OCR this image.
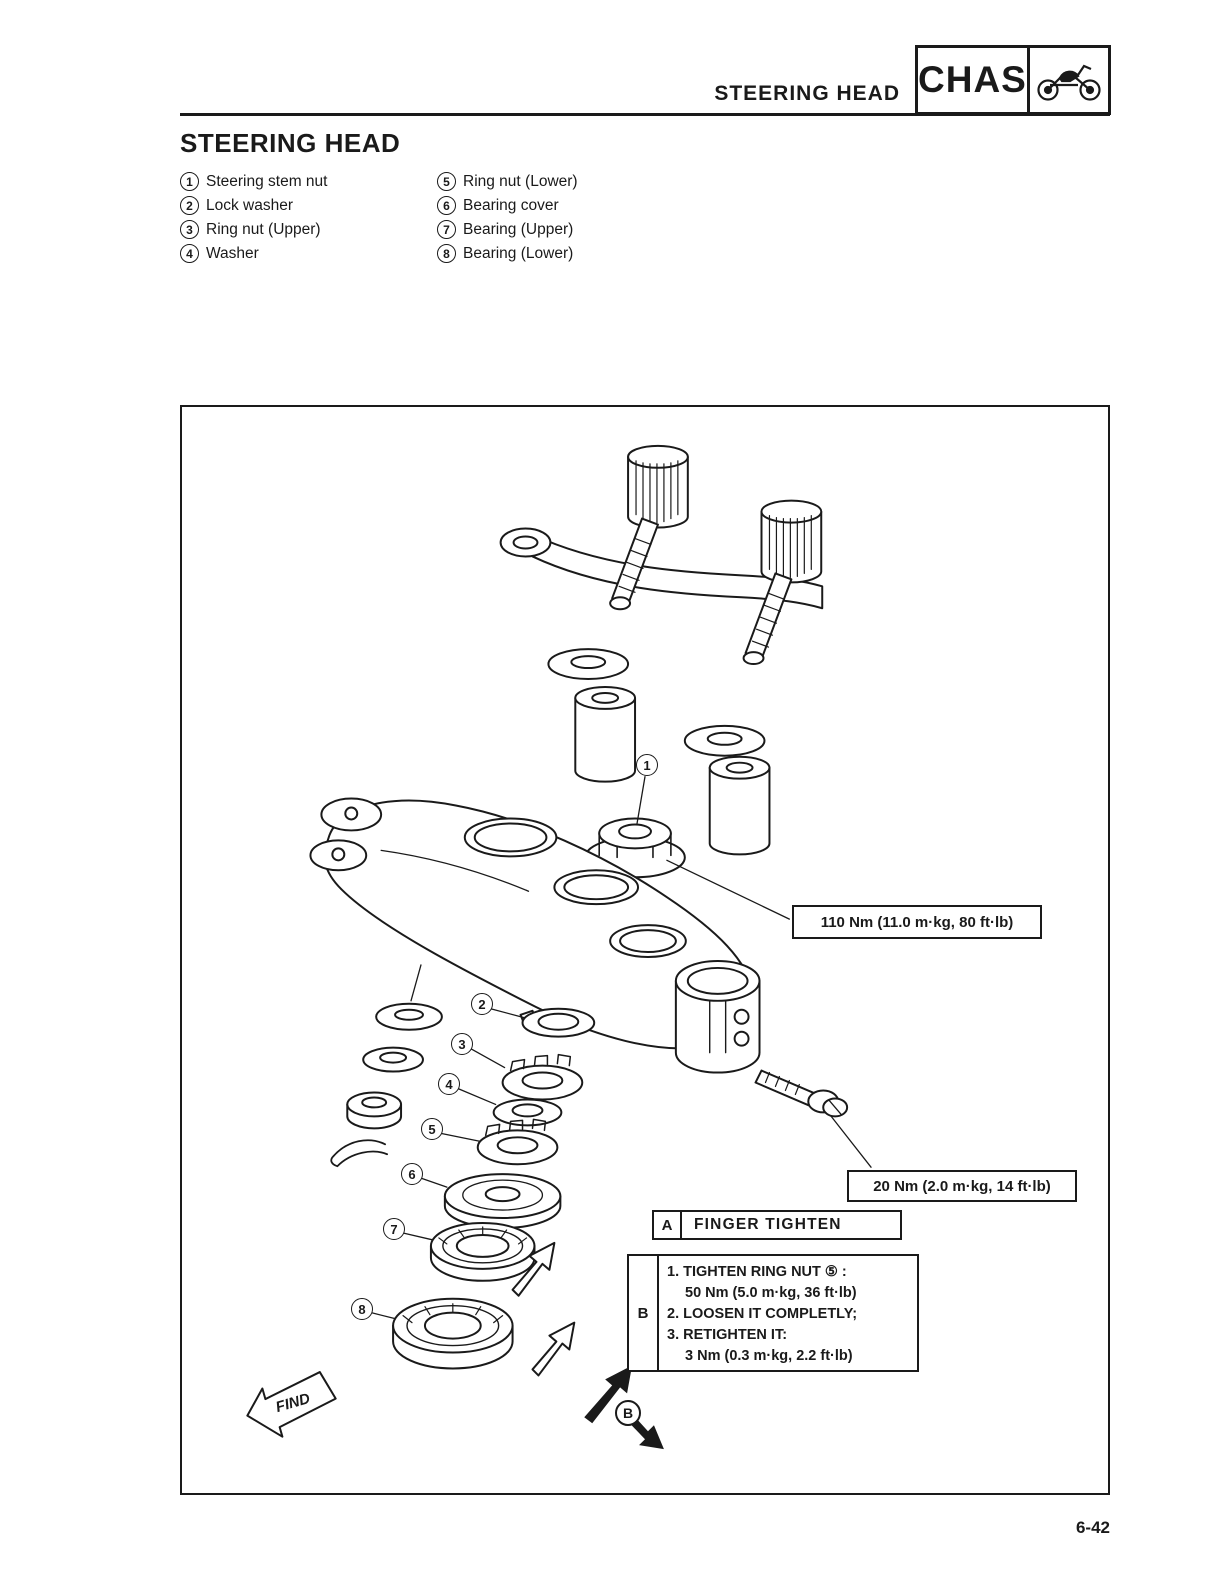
STEERING HEAD CHAS
STEERING HEAD
1 Steering stem nut
2 Lock washer
3 Ring nut (Upper)
4 Washer
5 Ring nut (Lower)
6 Bearing cover
7 Bearing (Upper)
8 Bearing (Lower)
FIND
1
2
3
4
5
6
7
8
110 Nm (11.0 m·kg, 80 ft·lb)
20 Nm (2.0 m·kg, 14 ft·lb)
A	FINGER TIGHTEN
B
1. TIGHTEN RING NUT ⑤ :
50 Nm (5.0 m·kg, 36 ft·lb)
2. LOOSEN IT COMPLETLY;
3. RETIGHTEN IT:
3 Nm (0.3 m·kg, 2.2 ft·lb)
B
6-42
